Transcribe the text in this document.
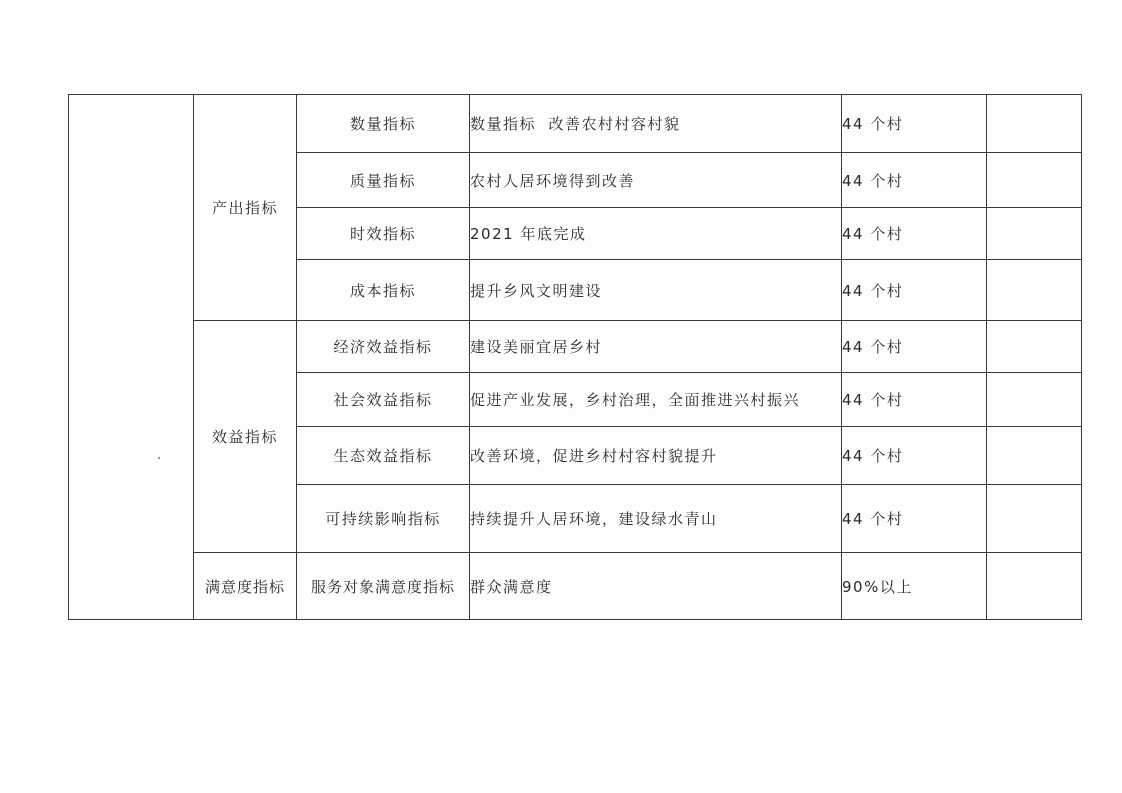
	产出指标	数量指标	数量指标  改善农村村容村貌	44 个村	
		质量指标	农村人居环境得到改善	44 个村	
		时效指标	2021 年底完成	44 个村	
		成本指标	提升乡风文明建设	44 个村	
	效益指标	经济效益指标	建设美丽宜居乡村	44 个村	
		社会效益指标	促进产业发展，乡村治理，全面推进兴村振兴	44 个村	
		生态效益指标	改善环境，促进乡村村容村貌提升	44 个村	
		可持续影响指标	持续提升人居环境，建设绿水青山	44 个村	
	满意度指标	服务对象满意度指标	群众满意度	90%以上	
